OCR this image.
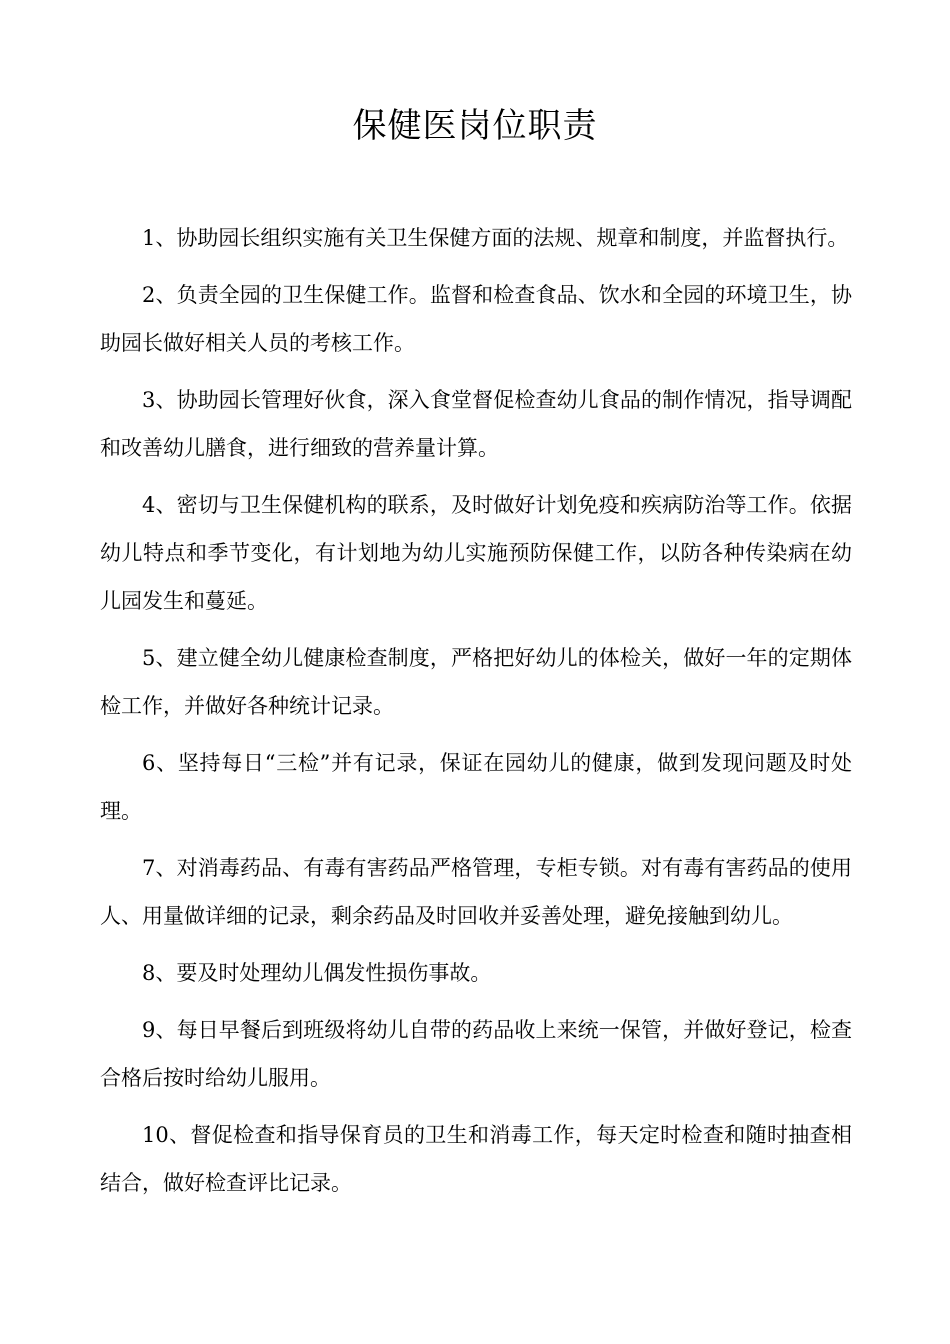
保健医岗位职责

1、协助园长组织实施有关卫生保健方面的法规、规章和制度，并监督执行。

2、负责全园的卫生保健工作。监督和检查食品、饮水和全园的环境卫生，协助园长做好相关人员的考核工作。

3、协助园长管理好伙食，深入食堂督促检查幼儿食品的制作情况，指导调配和改善幼儿膳食，进行细致的营养量计算。

4、密切与卫生保健机构的联系，及时做好计划免疫和疾病防治等工作。依据幼儿特点和季节变化，有计划地为幼儿实施预防保健工作，以防各种传染病在幼儿园发生和蔓延。

5、建立健全幼儿健康检查制度，严格把好幼儿的体检关，做好一年的定期体检工作，并做好各种统计记录。

6、坚持每日“三检”并有记录，保证在园幼儿的健康，做到发现问题及时处理。

7、对消毒药品、有毒有害药品严格管理，专柜专锁。对有毒有害药品的使用人、用量做详细的记录，剩余药品及时回收并妥善处理，避免接触到幼儿。

8、要及时处理幼儿偶发性损伤事故。

9、每日早餐后到班级将幼儿自带的药品收上来统一保管，并做好登记，检查合格后按时给幼儿服用。

10、督促检查和指导保育员的卫生和消毒工作，每天定时检查和随时抽查相结合，做好检查评比记录。
